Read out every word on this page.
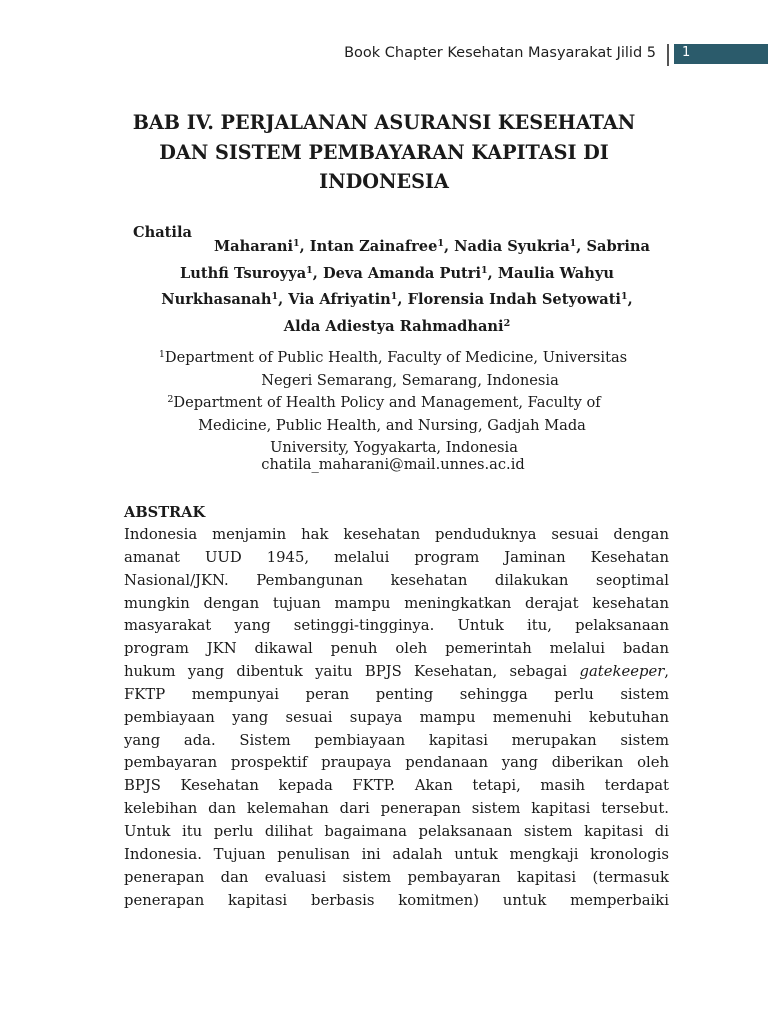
Book Chapter Kesehatan Masyarakat Jilid 5 1
BAB IV. PERJALANAN ASURANSI KESEHATAN
DAN SISTEM PEMBAYARAN KAPITASI DI
INDONESIA
Chatila
Maharani$^1$, Intan Zainafree$^1$, Nadia Syukria$^1$, Sabrina
Luthfi Tsuroyya$^1$, Deva Amanda Putri$^1$, Maulia Wahyu
Nurkhasanah$^1$, Via Afriyatin$^1$, Florensia Indah Setyowati$^1$,
Alda Adiestya Rahmadhani$^2$
$^1$Department of Public Health, Faculty of Medicine, Universitas
Negeri Semarang, Semarang, Indonesia
$^2$Department of Health Policy and Management, Faculty of
Medicine, Public Health, and Nursing, Gadjah Mada
University, Yogyakarta, Indonesia
chatila_maharani@mail.unnes.ac.id
ABSTRAK
Indonesia menjamin hak kesehatan penduduknya sesuai dengan
amanat UUD 1945, melalui program Jaminan Kesehatan
Nasional/JKN. Pembangunan kesehatan dilakukan seoptimal
mungkin dengan tujuan mampu meningkatkan derajat kesehatan
masyarakat yang setinggi-tingginya. Untuk itu, pelaksanaan
program JKN dikawal penuh oleh pemerintah melalui badan
hukum yang dibentuk yaitu BPJS Kesehatan, sebagai gatekeeper,
FKTP mempunyai peran penting sehingga perlu sistem
pembiayaan yang sesuai supaya mampu memenuhi kebutuhan
yang ada. Sistem pembiayaan kapitasi merupakan sistem
pembayaran prospektif praupaya pendanaan yang diberikan oleh
BPJS Kesehatan kepada FKTP. Akan tetapi, masih terdapat
kelebihan dan kelemahan dari penerapan sistem kapitasi tersebut.
Untuk itu perlu dilihat bagaimana pelaksanaan sistem kapitasi di
Indonesia. Tujuan penulisan ini adalah untuk mengkaji kronologis
penerapan dan evaluasi sistem pembayaran kapitasi (termasuk
penerapan kapitasi berbasis komitmen) untuk memperbaiki
